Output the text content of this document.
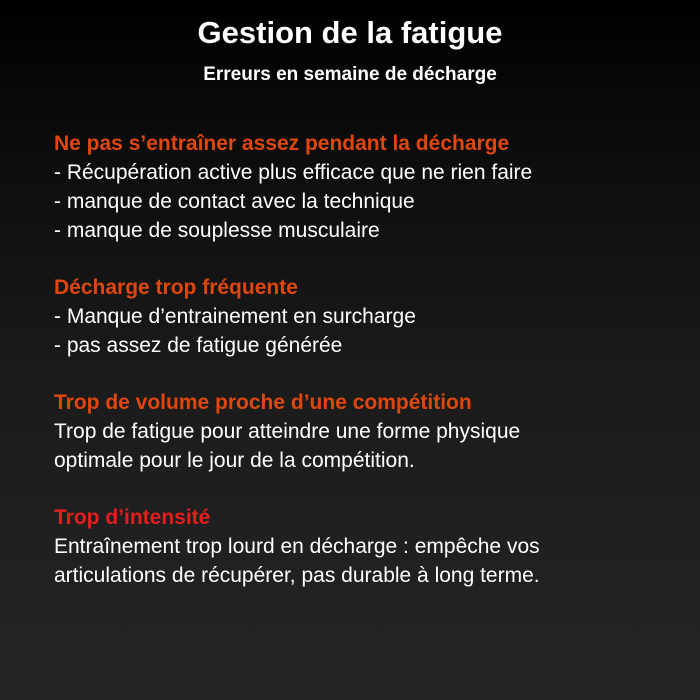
Gestion de la fatigue
Erreurs en semaine de décharge

Ne pas s’entraîner assez pendant la décharge

- Récupération active plus efficace que ne rien faire

- manque de contact avec la technique

- manque de souplesse musculaire

Décharge trop fréquente

- Manque d’entrainement en surcharge

- pas assez de fatigue générée

Trop de volume proche d’une compétition

Trop de fatigue pour atteindre une forme physique

optimale pour le jour de la compétition.

Trop d’intensité

Entraînement trop lourd en décharge : empêche vos

articulations de récupérer, pas durable à long terme.
